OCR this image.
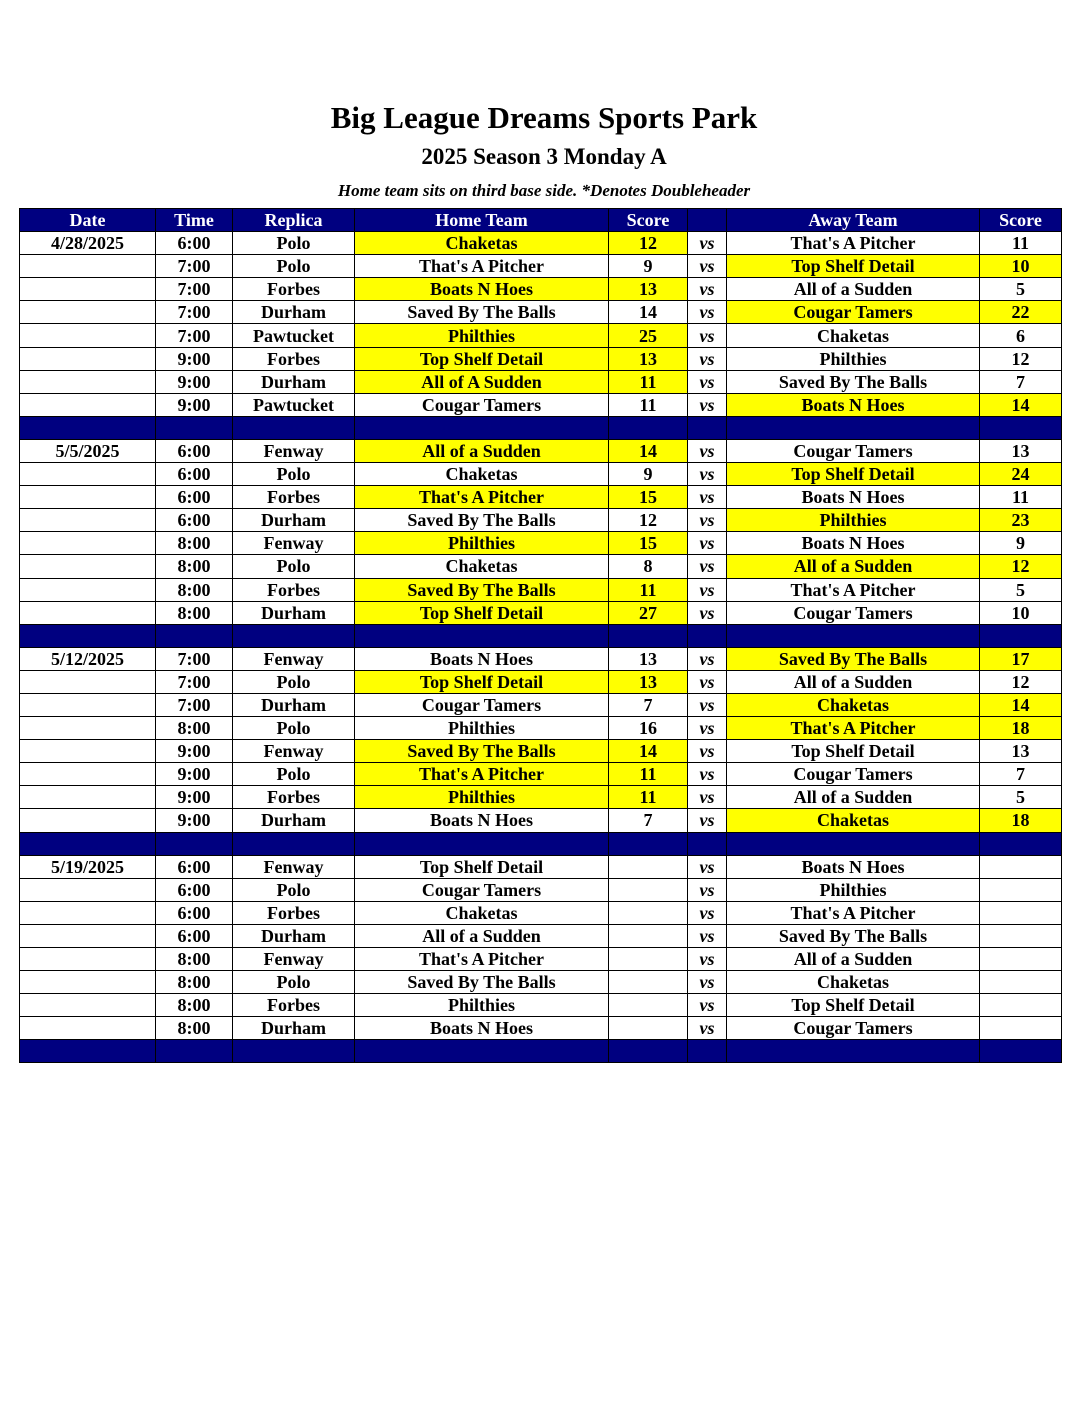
Big League Dreams Sports Park
2025 Season 3 Monday A
Home team sits on third base side. *Denotes Doubleheader
Date	Time	Replica	Home Team	Score		Away Team	Score
4/28/2025	6:00	Polo	Chaketas	12	vs	That's A Pitcher	11
	7:00	Polo	That's A Pitcher	9	vs	Top Shelf Detail	10
	7:00	Forbes	Boats N Hoes	13	vs	All of a Sudden	5
	7:00	Durham	Saved By The Balls	14	vs	Cougar Tamers	22
	7:00	Pawtucket	Philthies	25	vs	Chaketas	6
	9:00	Forbes	Top Shelf Detail	13	vs	Philthies	12
	9:00	Durham	All of A Sudden	11	vs	Saved By The Balls	7
	9:00	Pawtucket	Cougar Tamers	11	vs	Boats N Hoes	14

5/5/2025	6:00	Fenway	All of a Sudden	14	vs	Cougar Tamers	13
	6:00	Polo	Chaketas	9	vs	Top Shelf Detail	24
	6:00	Forbes	That's A Pitcher	15	vs	Boats N Hoes	11
	6:00	Durham	Saved By The Balls	12	vs	Philthies	23
	8:00	Fenway	Philthies	15	vs	Boats N Hoes	9
	8:00	Polo	Chaketas	8	vs	All of a Sudden	12
	8:00	Forbes	Saved By The Balls	11	vs	That's A Pitcher	5
	8:00	Durham	Top Shelf Detail	27	vs	Cougar Tamers	10

5/12/2025	7:00	Fenway	Boats N Hoes	13	vs	Saved By The Balls	17
	7:00	Polo	Top Shelf Detail	13	vs	All of a Sudden	12
	7:00	Durham	Cougar Tamers	7	vs	Chaketas	14
	8:00	Polo	Philthies	16	vs	That's A Pitcher	18
	9:00	Fenway	Saved By The Balls	14	vs	Top Shelf Detail	13
	9:00	Polo	That's A Pitcher	11	vs	Cougar Tamers	7
	9:00	Forbes	Philthies	11	vs	All of a Sudden	5
	9:00	Durham	Boats N Hoes	7	vs	Chaketas	18

5/19/2025	6:00	Fenway	Top Shelf Detail		vs	Boats N Hoes	
	6:00	Polo	Cougar Tamers		vs	Philthies	
	6:00	Forbes	Chaketas		vs	That's A Pitcher	
	6:00	Durham	All of a Sudden		vs	Saved By The Balls	
	8:00	Fenway	That's A Pitcher		vs	All of a Sudden	
	8:00	Polo	Saved By The Balls		vs	Chaketas	
	8:00	Forbes	Philthies		vs	Top Shelf Detail	
	8:00	Durham	Boats N Hoes		vs	Cougar Tamers	
